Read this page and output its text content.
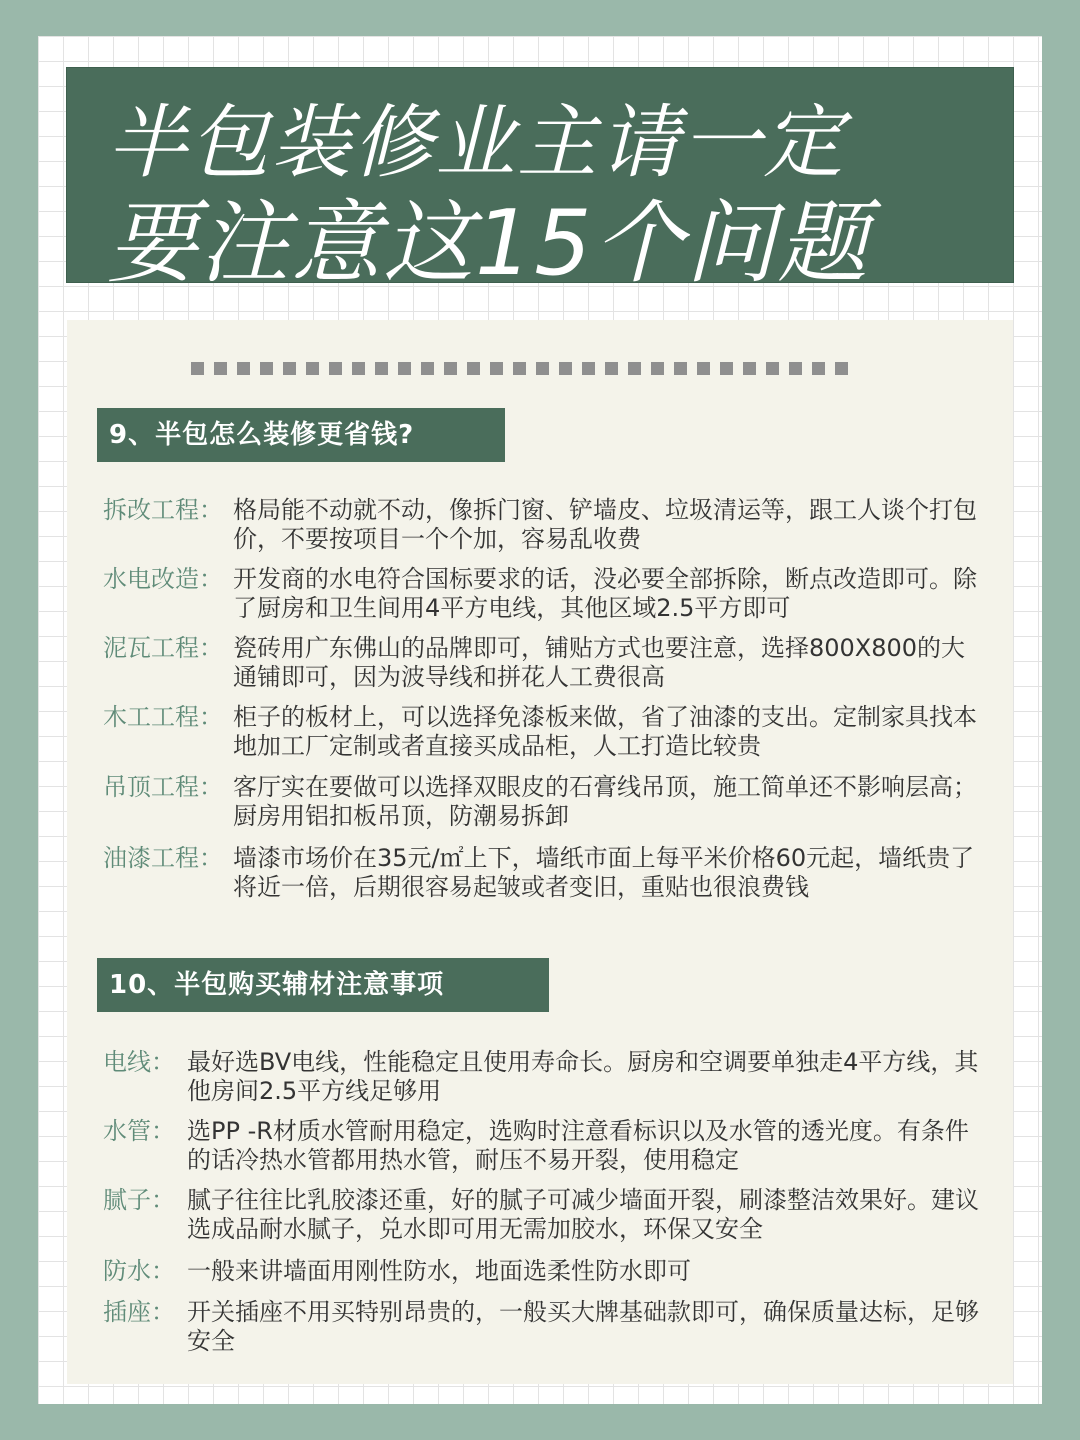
半包装修业主请一定
要注意这15个问题
9、半包怎么装修更省钱?
拆改工程： 格局能不动就不动，像拆门窗、铲墙皮、垃圾清运等，跟工人谈个打包价，不要按项目一个个加，容易乱收费
水电改造： 开发商的水电符合国标要求的话，没必要全部拆除，断点改造即可。除了厨房和卫生间用4平方电线，其他区域2.5平方即可
泥瓦工程： 瓷砖用广东佛山的品牌即可，铺贴方式也要注意，选择800X800的大通铺即可，因为波导线和拼花人工费很高
木工工程： 柜子的板材上，可以选择免漆板来做，省了油漆的支出。定制家具找本地加工厂定制或者直接买成品柜，人工打造比较贵
吊顶工程： 客厅实在要做可以选择双眼皮的石膏线吊顶，施工简单还不影响层高；厨房用铝扣板吊顶，防潮易拆卸
油漆工程： 墙漆市场价在35元/㎡上下，墙纸市面上每平米价格60元起，墙纸贵了将近一倍，后期很容易起皱或者变旧，重贴也很浪费钱
10、半包购买辅材注意事项
电线： 最好选BV电线，性能稳定且使用寿命长。厨房和空调要单独走4平方线，其他房间2.5平方线足够用
水管： 选PP -R材质水管耐用稳定，选购时注意看标识以及水管的透光度。有条件的话冷热水管都用热水管，耐压不易开裂，使用稳定
腻子： 腻子往往比乳胶漆还重，好的腻子可减少墙面开裂，刷漆整洁效果好。建议选成品耐水腻子，兑水即可用无需加胶水，环保又安全
防水： 一般来讲墙面用刚性防水，地面选柔性防水即可
插座： 开关插座不用买特别昂贵的，一般买大牌基础款即可，确保质量达标，足够安全
